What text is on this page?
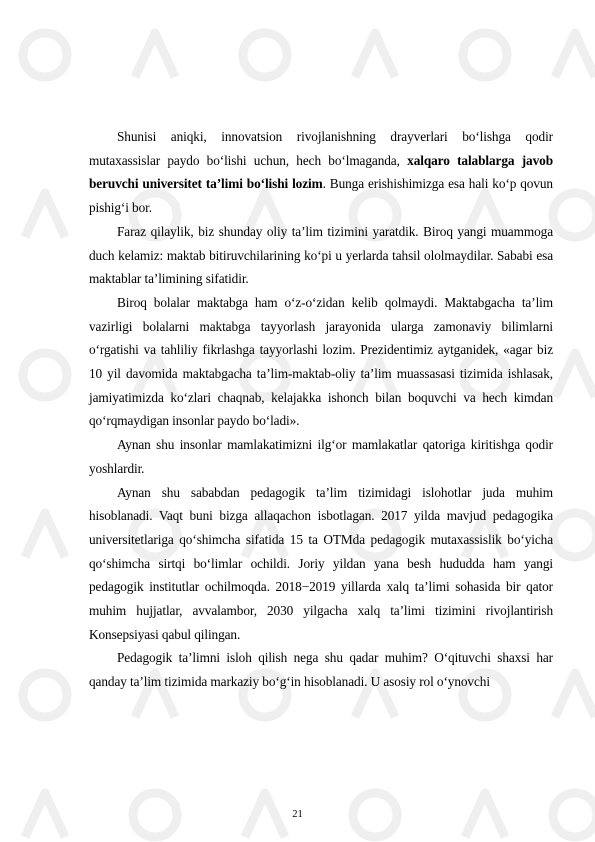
Shunisi aniqki, innovatsion rivojlanishning drayverlari bo‘lishga qodir mutaxassislar paydo bo‘lishi uchun, hech bo‘lmaganda, xalqaro talablarga javob beruvchi universitet ta’limi bo‘lishi lozim. Bunga erishishimizga esa hali ko‘p qovun pishig‘i bor.

Faraz qilaylik, biz shunday oliy ta’lim tizimini yaratdik. Biroq yangi muammoga duch kelamiz: maktab bitiruvchilarining ko‘pi u yerlarda tahsil ololmaydilar. Sababi esa maktablar ta’limining sifatidir.

Biroq bolalar maktabga ham o‘z-o‘zidan kelib qolmaydi. Maktabgacha ta’lim vazirligi bolalarni maktabga tayyorlash jarayonida ularga zamonaviy bilimlarni o‘rgatishi va tahliliy fikrlashga tayyorlashi lozim. Prezidentimiz aytganidek, «agar biz 10 yil davomida maktabgacha ta’lim-maktab-oliy ta’lim muassasasi tizimida ishlasak, jamiyatimizda ko‘zlari chaqnab, kelajakka ishonch bilan boquvchi va hech kimdan qo‘rqmaydigan insonlar paydo bo‘ladi».

Aynan shu insonlar mamlakatimizni ilg‘or mamlakatlar qatoriga kiritishga qodir yoshlardir.

Aynan shu sababdan pedagogik ta’lim tizimidagi islohotlar juda muhim hisoblanadi. Vaqt buni bizga allaqachon isbotlagan. 2017 yilda mavjud pedagogika universitetlariga qo‘shimcha sifatida 15 ta OTMda pedagogik mutaxassislik bo‘yicha qo‘shimcha sirtqi bo‘limlar ochildi. Joriy yildan yana besh hududda ham yangi pedagogik institutlar ochilmoqda. 2018−2019 yillarda xalq ta’limi sohasida bir qator muhim hujjatlar, avvalambor, 2030 yilgacha xalq ta’limi tizimini rivojlantirish Konsepsiyasi qabul qilingan.

Pedagogik ta’limni isloh qilish nega shu qadar muhim? O‘qituvchi shaxsi har qanday ta’lim tizimida markaziy bo‘g‘in hisoblanadi. U asosiy rol o‘ynovchi

21
